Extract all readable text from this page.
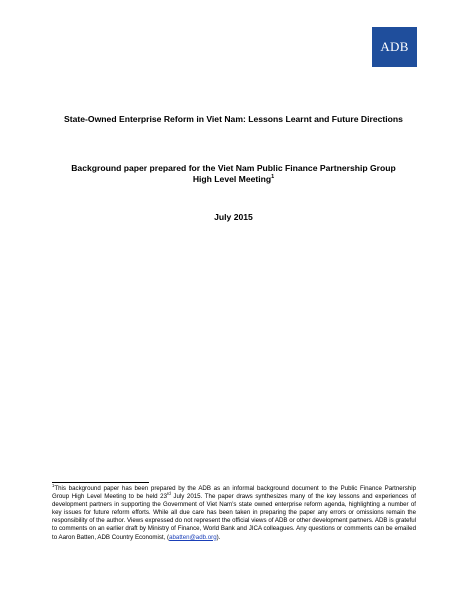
ADB
State-Owned Enterprise Reform in Viet Nam: Lessons Learnt and Future Directions
Background paper prepared for the Viet Nam Public Finance Partnership Group
High Level Meeting$^1$
July 2015
$^1$This background paper has been prepared by the ADB as an informal background document to the Public Finance Partnership Group High Level Meeting to be held 23rd July 2015. The paper draws synthesizes many of the key lessons and experiences of development partners in supporting the Government of Viet Nam’s state owned enterprise reform agenda, highlighting a number of key issues for future reform efforts. While all due care has been taken in preparing the paper any errors or omissions remain the responsibility of the author. Views expressed do not represent the official views of ADB or other development partners. ADB is grateful to comments on an earlier draft by Ministry of Finance, World Bank and JICA colleagues. Any questions or comments can be emailed to Aaron Batten, ADB Country Economist, (abatten@adb.org).
